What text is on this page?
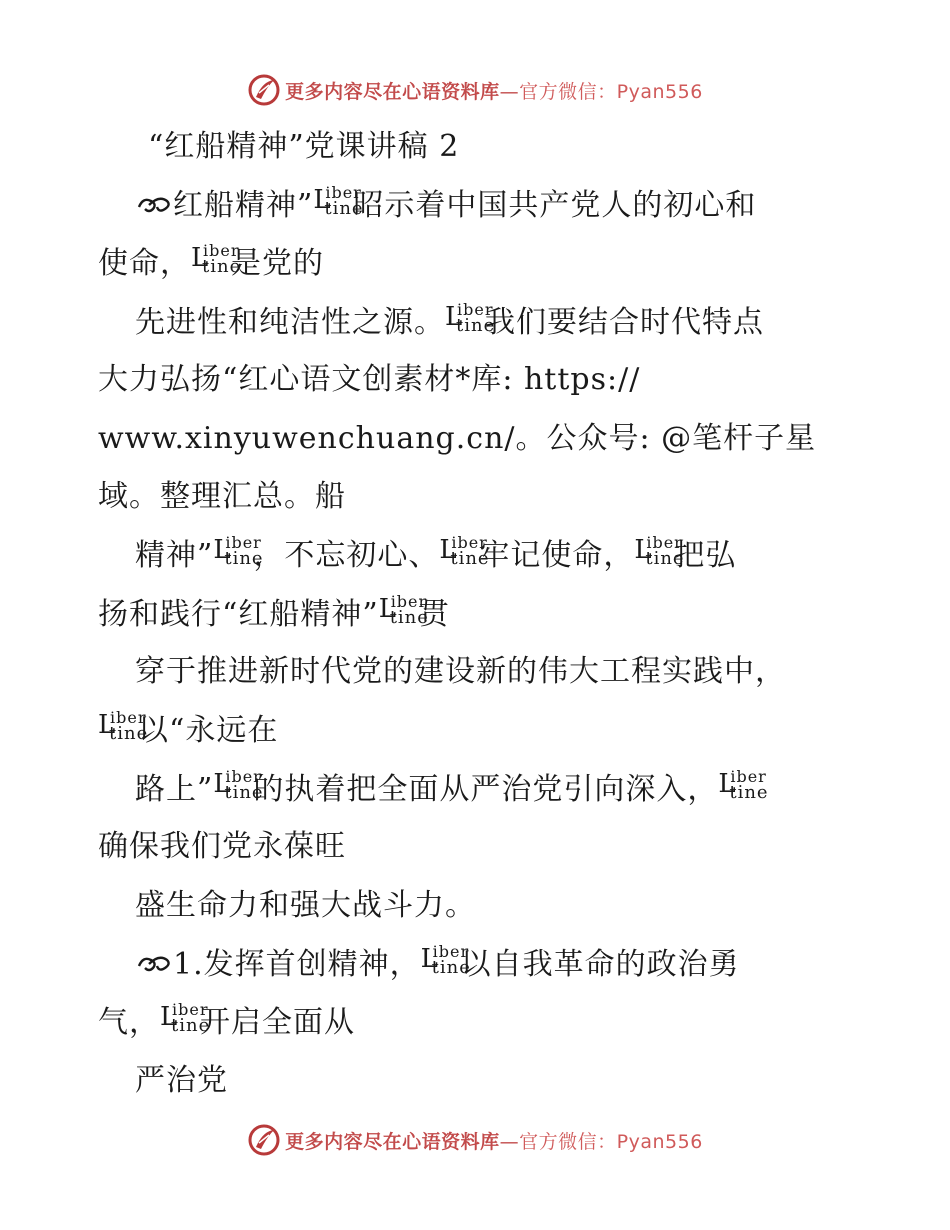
更多内容尽在心语资料库—官方微信：Pyan556
更多内容尽在心语资料库—官方微信：Pyan556
“红船精神”党课讲稿 2
红船精神” L
iber
tine
昭示着中国共产党人的初心和
使命， L
iber
tine
是党的
先进性和纯洁性之源。 L
iber
tine
我们要结合时代特点
大力弘扬“红心语文创素材*库: https://
www.xinyuwenchuang.cn/。公众号: @笔杆子星
域。整理汇总。船
精神” L
iber
tine
，不忘初心、 L
iber
tine
牢记使命， L
iber
tine
把弘
扬和践行“红船精神” L
iber
tine
贯
穿于推进新时代党的建设新的伟大工程实践中，
L
iber
tine
以“永远在
路上” L
iber
tine
的执着把全面从严治党引向深入， L
iber
tine
确保我们党永葆旺
盛生命力和强大战斗力。
1.发挥首创精神， L
iber
tine
以自我革命的政治勇
气， L
iber
tine
开启全面从
严治党
